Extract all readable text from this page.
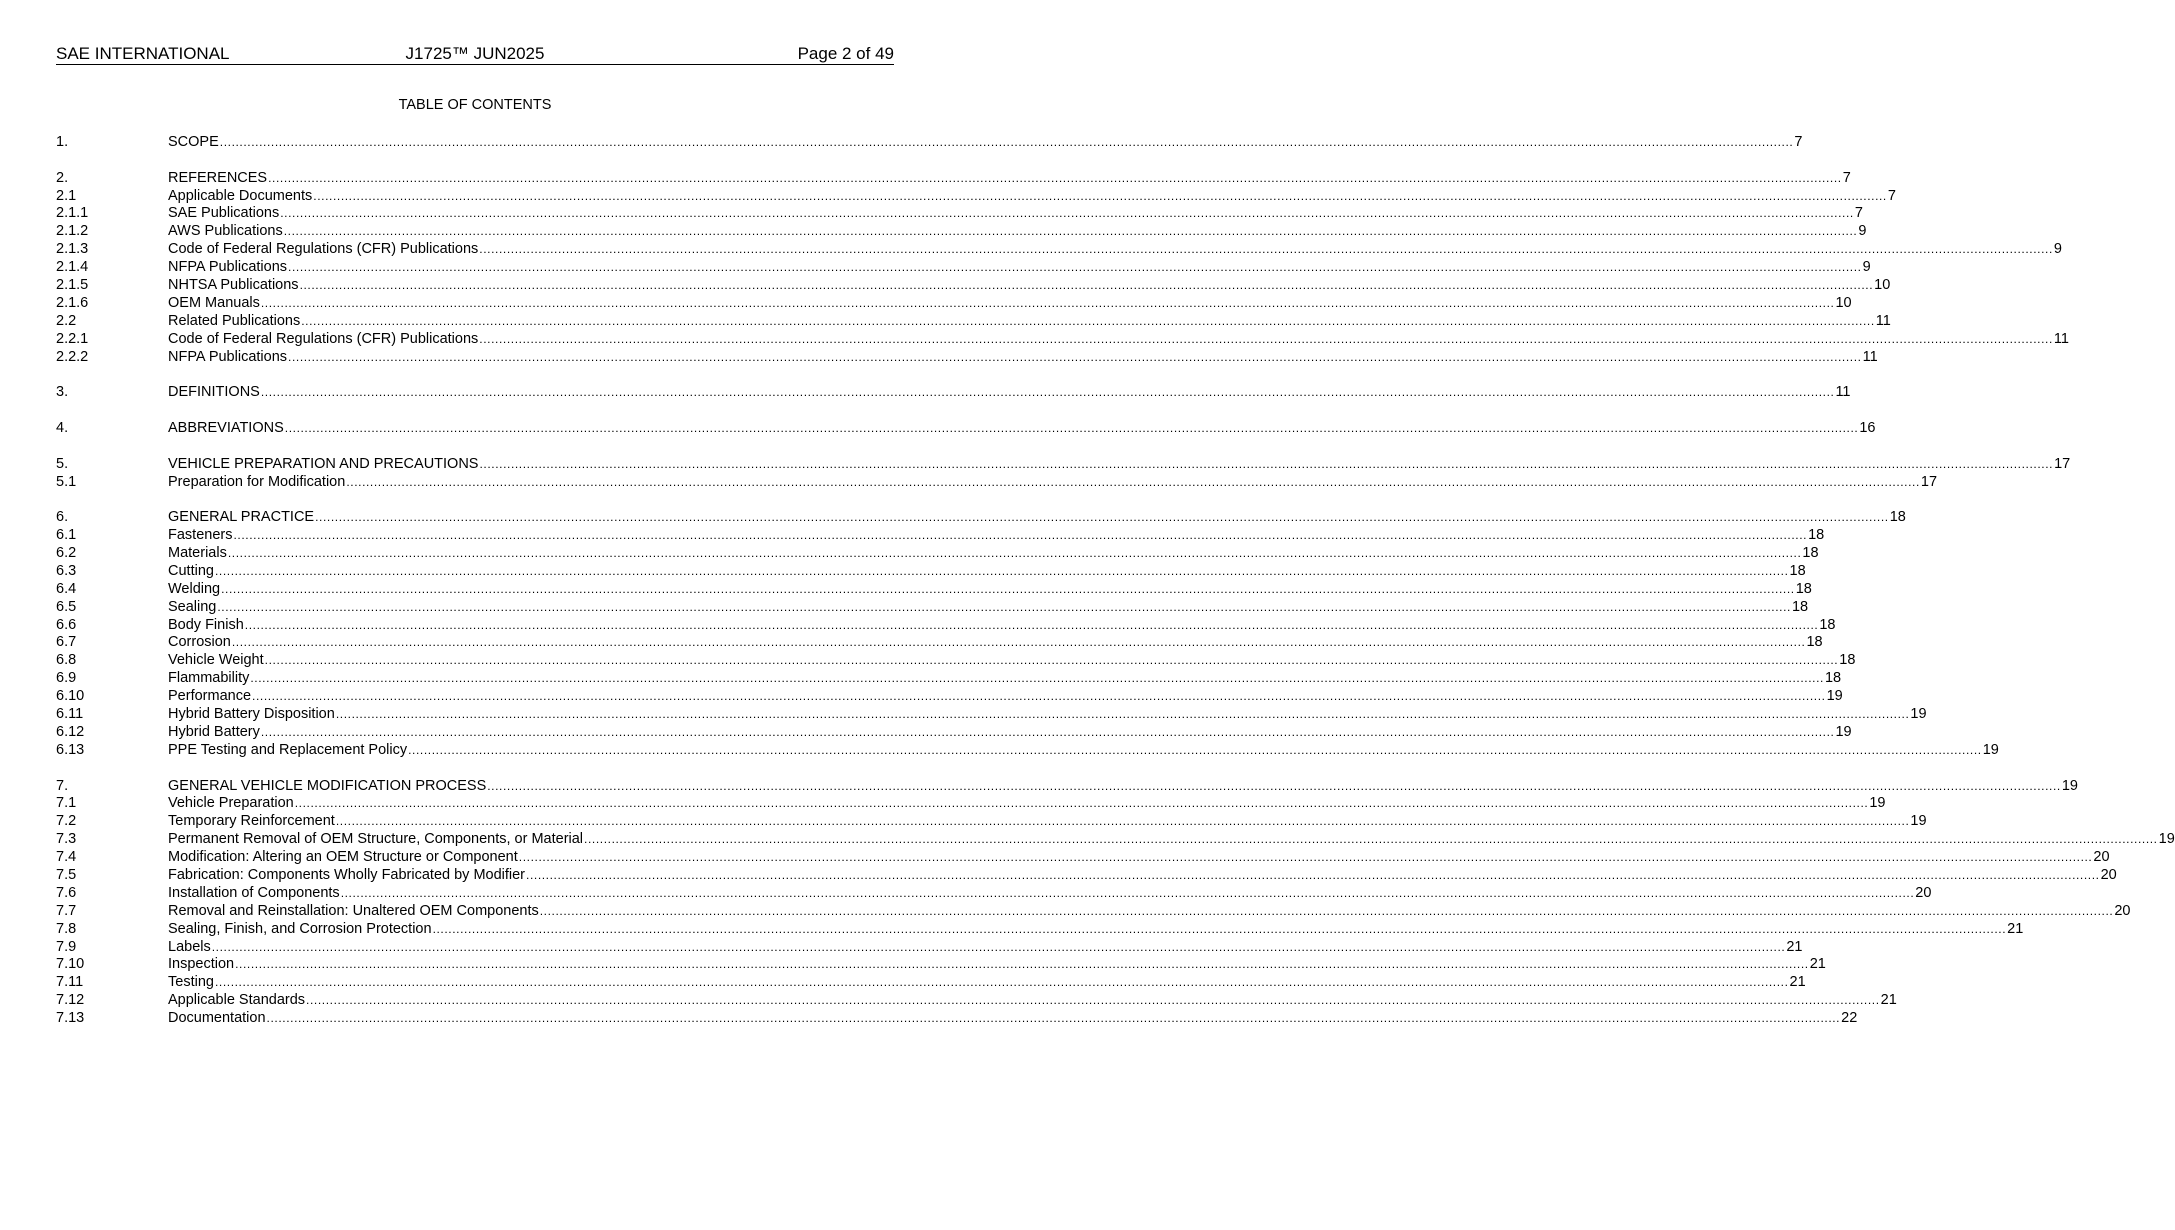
SAE INTERNATIONAL	J1725™ JUN2025	Page 2 of 49
TABLE OF CONTENTS
1.	SCOPE ................................................................................................................................................................................................................................................................................................................................................................................................................ 7
2.	REFERENCES ................................................................................................................................................................................................................................................................................................................................................................................................................ 7
2.1	Applicable Documents ................................................................................................................................................................................................................................................................................................................................................................................................................ 7
2.1.1	SAE Publications ................................................................................................................................................................................................................................................................................................................................................................................................................ 7
2.1.2	AWS Publications ................................................................................................................................................................................................................................................................................................................................................................................................................ 9
2.1.3	Code of Federal Regulations (CFR) Publications ................................................................................................................................................................................................................................................................................................................................................................................................................ 9
2.1.4	NFPA Publications ................................................................................................................................................................................................................................................................................................................................................................................................................ 9
2.1.5	NHTSA Publications ................................................................................................................................................................................................................................................................................................................................................................................................................ 10
2.1.6	OEM Manuals ................................................................................................................................................................................................................................................................................................................................................................................................................ 10
2.2	Related Publications ................................................................................................................................................................................................................................................................................................................................................................................................................ 11
2.2.1	Code of Federal Regulations (CFR) Publications ................................................................................................................................................................................................................................................................................................................................................................................................................ 11
2.2.2	NFPA Publications ................................................................................................................................................................................................................................................................................................................................................................................................................ 11
3.	DEFINITIONS ................................................................................................................................................................................................................................................................................................................................................................................................................ 11
4.	ABBREVIATIONS ................................................................................................................................................................................................................................................................................................................................................................................................................ 16
5.	VEHICLE PREPARATION AND PRECAUTIONS ................................................................................................................................................................................................................................................................................................................................................................................................................ 17
5.1	Preparation for Modification ................................................................................................................................................................................................................................................................................................................................................................................................................ 17
6.	GENERAL PRACTICE ................................................................................................................................................................................................................................................................................................................................................................................................................ 18
6.1	Fasteners ................................................................................................................................................................................................................................................................................................................................................................................................................ 18
6.2	Materials ................................................................................................................................................................................................................................................................................................................................................................................................................ 18
6.3	Cutting ................................................................................................................................................................................................................................................................................................................................................................................................................ 18
6.4	Welding ................................................................................................................................................................................................................................................................................................................................................................................................................ 18
6.5	Sealing ................................................................................................................................................................................................................................................................................................................................................................................................................ 18
6.6	Body Finish ................................................................................................................................................................................................................................................................................................................................................................................................................ 18
6.7	Corrosion ................................................................................................................................................................................................................................................................................................................................................................................................................ 18
6.8	Vehicle Weight ................................................................................................................................................................................................................................................................................................................................................................................................................ 18
6.9	Flammability ................................................................................................................................................................................................................................................................................................................................................................................................................ 18
6.10	Performance ................................................................................................................................................................................................................................................................................................................................................................................................................ 19
6.11	Hybrid Battery Disposition ................................................................................................................................................................................................................................................................................................................................................................................................................ 19
6.12	Hybrid Battery ................................................................................................................................................................................................................................................................................................................................................................................................................ 19
6.13	PPE Testing and Replacement Policy ................................................................................................................................................................................................................................................................................................................................................................................................................ 19
7.	GENERAL VEHICLE MODIFICATION PROCESS ................................................................................................................................................................................................................................................................................................................................................................................................................ 19
7.1	Vehicle Preparation ................................................................................................................................................................................................................................................................................................................................................................................................................ 19
7.2	Temporary Reinforcement ................................................................................................................................................................................................................................................................................................................................................................................................................ 19
7.3	Permanent Removal of OEM Structure, Components, or Material ................................................................................................................................................................................................................................................................................................................................................................................................................ 19
7.4	Modification: Altering an OEM Structure or Component ................................................................................................................................................................................................................................................................................................................................................................................................................ 20
7.5	Fabrication: Components Wholly Fabricated by Modifier ................................................................................................................................................................................................................................................................................................................................................................................................................ 20
7.6	Installation of Components ................................................................................................................................................................................................................................................................................................................................................................................................................ 20
7.7	Removal and Reinstallation: Unaltered OEM Components ................................................................................................................................................................................................................................................................................................................................................................................................................ 20
7.8	Sealing, Finish, and Corrosion Protection ................................................................................................................................................................................................................................................................................................................................................................................................................ 21
7.9	Labels ................................................................................................................................................................................................................................................................................................................................................................................................................ 21
7.10	Inspection ................................................................................................................................................................................................................................................................................................................................................................................................................ 21
7.11	Testing ................................................................................................................................................................................................................................................................................................................................................................................................................ 21
7.12	Applicable Standards ................................................................................................................................................................................................................................................................................................................................................................................................................ 21
7.13	Documentation ................................................................................................................................................................................................................................................................................................................................................................................................................ 22
